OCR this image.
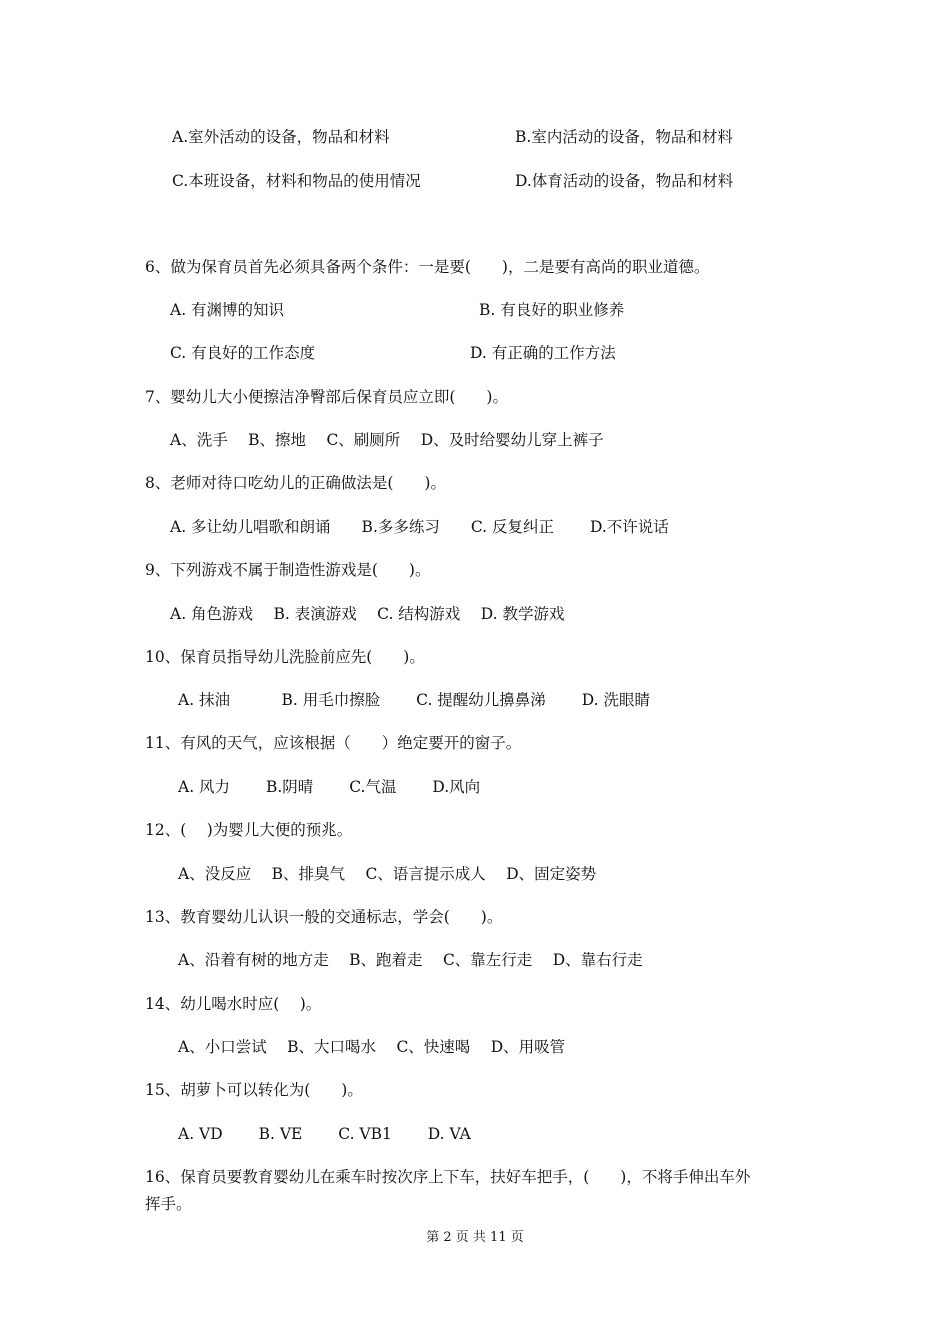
A.室外活动的设备，物品和材料	B.室内活动的设备，物品和材料
C.本班设备，材料和物品的使用情况	D.体育活动的设备，物品和材料
6、做为保育员首先必须具备两个条件：一是要(　　)，二是要有高尚的职业道德。
A. 有渊博的知识	B. 有良好的职业修养
C. 有良好的工作态度	D. 有正确的工作方法
7、婴幼儿大小便擦洁净臀部后保育员应立即(　　)。
A、洗手　 B、擦地　 C、刷厕所　 D、及时给婴幼儿穿上裤子
8、老师对待口吃幼儿的正确做法是(　　)。
A. 多让幼儿唱歌和朗诵　　B.多多练习　　C. 反复纠正　　 D.不许说话
9、下列游戏不属于制造性游戏是(　　)。
A. 角色游戏　 B. 表演游戏　 C. 结构游戏　 D. 教学游戏
10、保育员指导幼儿洗脸前应先(　　)。
A. 抹油　　　 B. 用毛巾擦脸　　 C. 提醒幼儿擤鼻涕　　 D. 洗眼睛
11、有风的天气，应该根据（　　）绝定要开的窗子。
A. 风力　　 B.阴晴　　 C.气温　　 D.风向
12、(　 )为婴儿大便的预兆。
A、没反应　 B、排臭气　 C、语言提示成人　 D、固定姿势
13、教育婴幼儿认识一般的交通标志，学会(　　)。
A、沿着有树的地方走　 B、跑着走　 C、靠左行走　 D、靠右行走
14、幼儿喝水时应(　 )。
A、小口尝试　 B、大口喝水　 C、快速喝　 D、用吸管
15、胡萝卜可以转化为(　　)。
A. VD　　 B. VE　　 C. VB1　　 D. VA
16、保育员要教育婴幼儿在乘车时按次序上下车，扶好车把手，(　　)，不将手伸出车外
挥手。
第 2 页 共 11 页
